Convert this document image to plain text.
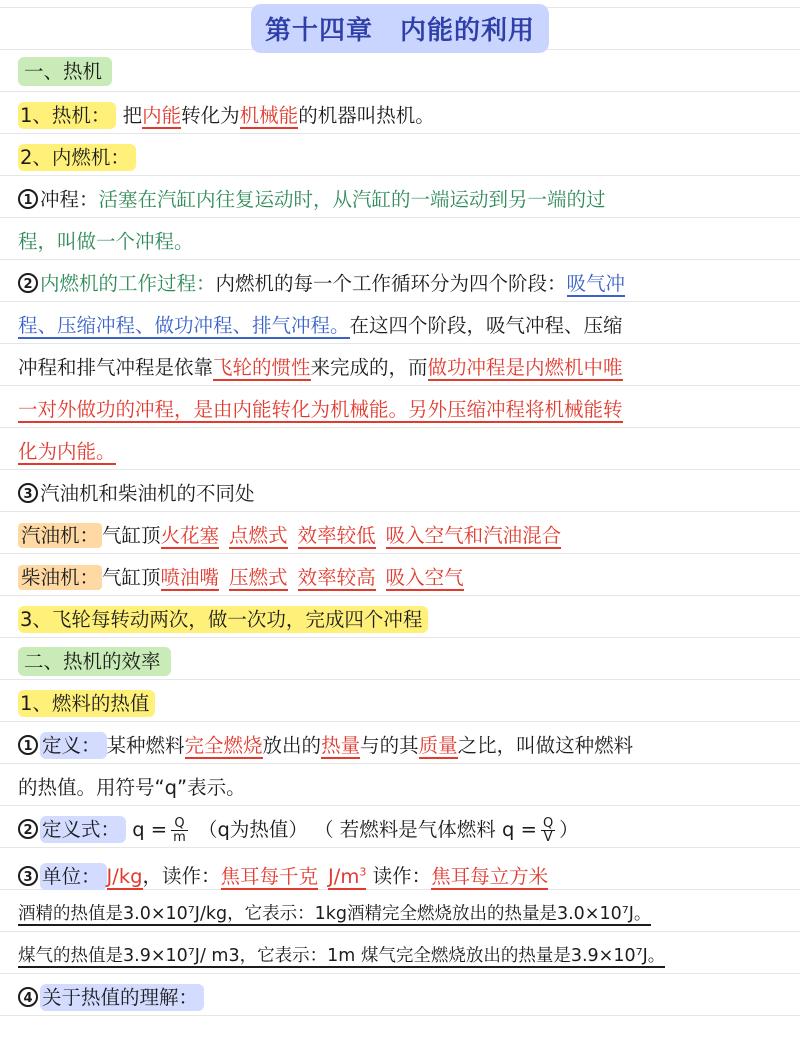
第十四章　内能的利用
一、热机
1、热机： 把内能转化为机械能的机器叫热机。
2、内燃机：
1 冲程：活塞在汽缸内往复运动时，从汽缸的一端运动到另一端的过
程，叫做一个冲程。
2 内燃机的工作过程：内燃机的每一个工作循环分为四个阶段：吸气冲
程、压缩冲程、做功冲程、排气冲程。在这四个阶段，吸气冲程、压缩
冲程和排气冲程是依靠飞轮的惯性来完成的，而做功冲程是内燃机中唯
一对外做功的冲程，是由内能转化为机械能。另外压缩冲程将机械能转
化为内能。
3 汽油机和柴油机的不同处
汽油机： 气缸顶火花塞 点燃式 效率较低 吸入空气和汽油混合
柴油机： 气缸顶喷油嘴 压燃式 效率较高 吸入空气
3、飞轮每转动两次，做一次功，完成四个冲程
二、热机的效率
1、燃料的热值
1 定义： 某种燃料完全燃烧放出的热量与的其质量之比，叫做这种燃料
的热值。用符号“q”表示。
2 定义式： $q = \frac{Q}{m} (q$为热值） （ 若燃料是气体燃料 $q = \frac{Q}{V}$ ）
3 单位： J/kg，读作：焦耳每千克 $J/m^3$ 读作：焦耳每立方米
酒精的热值是3.0×10⁷J/kg，它表示：1kg酒精完全燃烧放出的热量是3.0×10⁷J。
煤气的热值是3.9×10⁷J/ m3，它表示：1m 煤气完全燃烧放出的热量是3.9×10⁷J。
4 关于热值的理解：
